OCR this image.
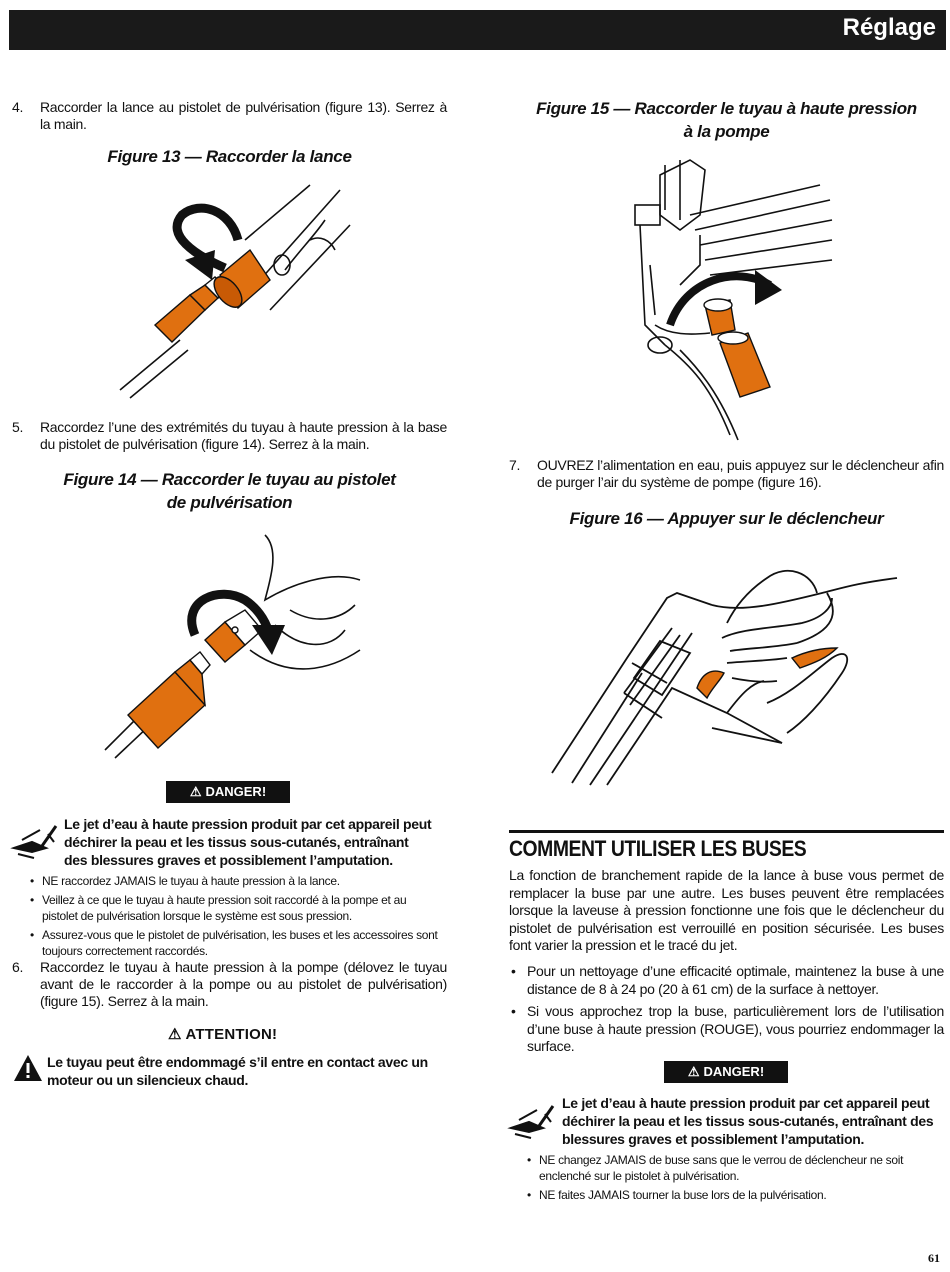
Réglage
4. Raccorder la lance au pistolet de pulvérisation (figure 13). Serrez à la main.
Figure 13 — Raccorder la lance
5. Raccordez l’une des extrémités du tuyau à haute pression à la base du pistolet de pulvérisation (figure 14). Serrez à la main.
Figure 14 — Raccorder le tuyau au pistolet
de pulvérisation
⚠ DANGER!
Le jet d’eau à haute pression produit par cet appareil peut déchirer la peau et les tissus sous-cutanés, entraînant des blessures graves et possiblement l’amputation.
• NE raccordez JAMAIS le tuyau à haute pression à la lance.
• Veillez à ce que le tuyau à haute pression soit raccordé à la pompe et au pistolet de pulvérisation lorsque le système est sous pression.
• Assurez-vous que le pistolet de pulvérisation, les buses et les accessoires sont toujours correctement raccordés.
6. Raccordez le tuyau à haute pression à la pompe (délovez le tuyau avant de le raccorder à la pompe ou au pistolet de pulvérisation) (figure 15). Serrez à la main.
⚠ ATTENTION!
Le tuyau peut être endommagé s’il entre en contact avec un moteur ou un silencieux chaud.
Figure 15 — Raccorder le tuyau à haute pression
à la pompe
7. OUVREZ l’alimentation en eau, puis appuyez sur le déclencheur afin de purger l’air du système de pompe (figure 16).
Figure 16 — Appuyer sur le déclencheur
COMMENT UTILISER LES BUSES
La fonction de branchement rapide de la lance à buse vous permet de remplacer la buse par une autre. Les buses peuvent être remplacées lorsque la laveuse à pression fonctionne une fois que le déclencheur du pistolet de pulvérisation est verrouillé en position sécurisée. Les buses font varier la pression et le tracé du jet.
• Pour un nettoyage d’une efficacité optimale, maintenez la buse à une distance de 8 à 24 po (20 à 61 cm) de la surface à nettoyer.
• Si vous approchez trop la buse, particulièrement lors de l’utilisation d’une buse à haute pression (ROUGE), vous pourriez endommager la surface.
⚠ DANGER!
Le jet d’eau à haute pression produit par cet appareil peut déchirer la peau et les tissus sous-cutanés, entraînant des blessures graves et possiblement l’amputation.
• NE changez JAMAIS de buse sans que le verrou de déclencheur ne soit enclenché sur le pistolet à pulvérisation.
• NE faites JAMAIS tourner la buse lors de la pulvérisation.
61
